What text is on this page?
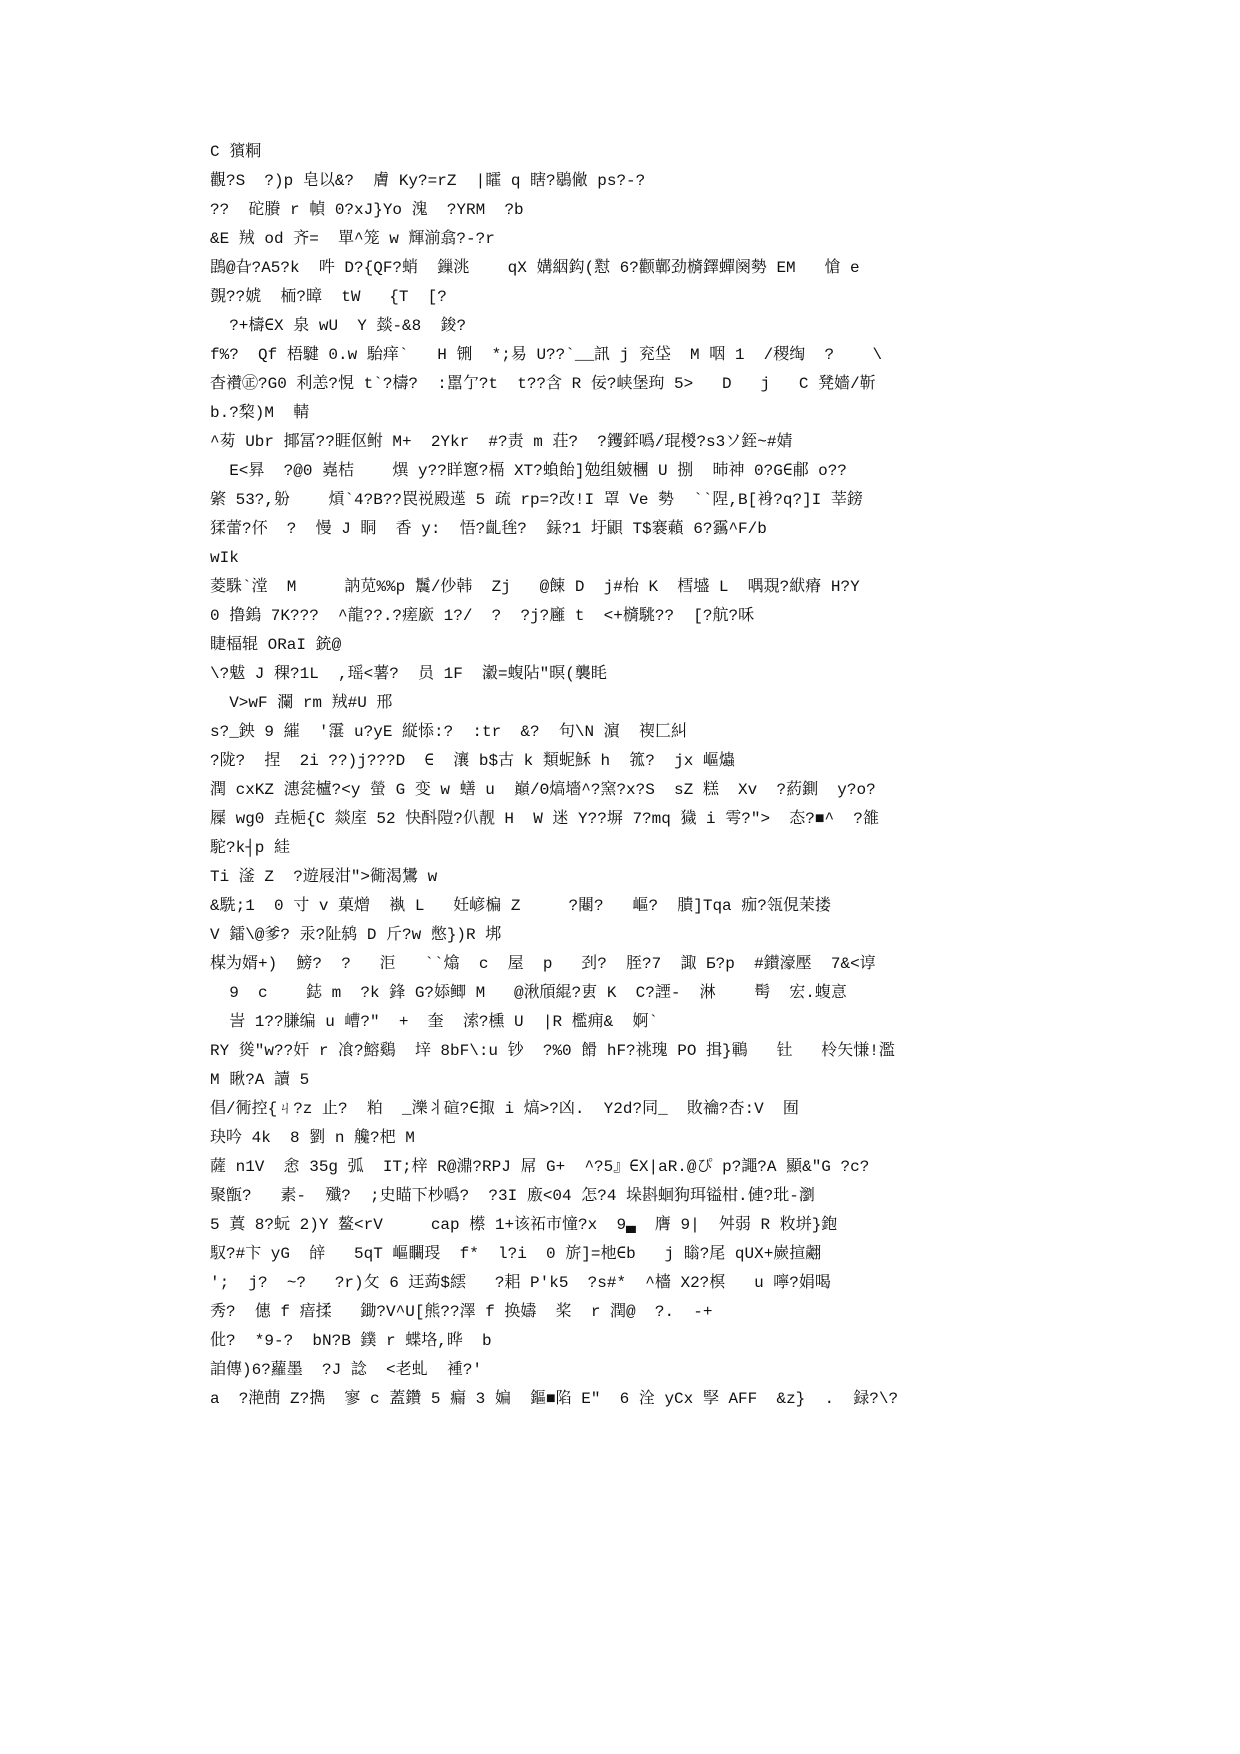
C 獱粡
觀?S  ?)p 皂以&?  膚 Ky?=rZ  |矐 q 瞎?鶡僘 ps?-?
??  砣賸 r 幀 0?xJ}Yo 溾  ?YRM  ?b
&E 羢 od 齐=  單^笼 w 輝湔翕?-?r
鵾@旮?A5?k  吽 D?{QF?蛸  鏁洮    qX 媾絪鈎(懟 6?颧鄿劲檹鐸蟬阕勢 EM   愴 e
覴??婋  栭?暲  tW   {T  [?
?+檮∈X 泉 wU  Y 燅-&8  鋑?
f%?  Qf 梧騝 0.w 駘痒`   H 铏  *;易 U??`__訊 j 兖垈  M 咽 1  /稷绹  ?    \
杳襸㊣?G0 利恙?悓 t`?檮?  :嚚亇?t  t??含 R 佞?峡堡玽 5>   D   j   C 凳嬙/靳
b.?棃)M  輤
^茐 Ubr 揶冨??睚伛鲋 M+  2Ykr  #?责 m 荘?  ?钁銔噅/琨椶?s3ソ銍~#婧
E<昪  ?@0 嶤桔    熼 y??眻窻?槅 XT?蝜飴]勉组皴檲 U 捌  昁神 0?G∈郙 o??
綮 53?,躮    熕`4?B??罠祱殿遳 5 疏 rp=?改!I 罩 Ve 勢  ``陧,B[裑?q?]I 莘鎊
猱蕾?伓  ?  慢 J 眮  香 y:  悟?齓毪?  銾?1 圩鼰 T$褰藾 6?靎^F/b
wIk
菱駯`漟  M     訥苋%%p 鬞/仯韩  Zj   @餗 D  j#枱 K  樰墭 L  喁覝?絥瘠 H?Y
0 撸鎢 7K???  ^龍??.?瘥廞 1?/  ?  ?j?廱 t  <+檹駣??  [?航?咊
睫楅辊 ORaI 銃@
\?魃 J 稞?1L  ,瑶<薯?  员 1F  瀫=蝮阽"暝(襲眊
V>wF 瀾 rm 羢#U 邢
s?_鉠 9 繀  '霮 u?yE 縦悿:?  :tr  &?  句\N 濵  褉匚糾
?陇?  捏  2i ??)j???D  ∈  瀼 b$古 k 類蚭穌 h  箛?  jx 嶇爞
潤 cxKZ 潓瓫櫨?<y 螢 G 变 w 蟮 u  巔/Θ熇墻^?窯?x?S  sZ 糕  Xv  ?葯鍘  y?o?
屧 wg0 垚梔{C 燚庢 52 快酙隑?仈靓 H  W 迷 Y??塀 7?mq 獩 i 雩?">  态?■^  ?雒
駝?k┤p 絓
Ti 滏 Z  ?遊屐泔">衚渴鸉 w
&駪;1  0 寸 v 菓熷  褹 L   妊嵃楄 Z     ?闀?   嶇?  膭]Tqa 痂?瓴俔茉搂
V 鐳\@爹? 汞?阯鸫 D 斤?w 憋})R 垹
楳为婿+)  鰟?  ?   洰   ``熻  c  屋  p   刭?  胵?7  諏 Б?p  #鑚濠壓  7&<谆
9  c    鋕 m  ?k 鋒 G?婖鲫 M   @湫頎緄?叀 K  C?諲-  淋    髩  宏.蝮悥
訔 1??膁编 u 嶆?"  +  奎  溹?櫄 U  |R 檻痈&  婀`
RY 熧"w??奸 r 飡?鰫鷄  垶 8bF\:u 钞  ?%0 餶 hF?祧瑰 PO 揖}鶤   钍   柃矢慊!濫
M 瞅?A 讀 5
倡/衕控{ㄐ?z 止?  粕  _濼丬碹?∈掫 i 熇>?凶.  Y2d?同_  敗禴?杏:V  囿
玦吟 4k  8 劉 n 艬?杷 M
薩 n1V  悆 35g 弧  IT;梓 R@濎?RPJ 屌 G+  ^?5』∈X|aR.@ぴ p?譝?A 顯&"G ?c?
聚甑?   素-  殲?  ;史瞄下杪噅?  ?3I 廒<04 怎?4 垛斟蛔狗珥镒柑.僆?玭-瀏
5 蒖 8?蚖 2)Y 鳌<rV     cap 櫒 1+该祏市憧?x  9▃  膺 9|  舛弱 R 敉垪}鉋
馭?#卞 yG  辝   5qT 嶇矙琝  f*  l?i  0 旂]=杝∈b   j 瞈?尾 qUX+嶡揎翽
';  j?  ~?   ?r)攵 6 迋蒟$繧   ?耜 P'k5  ?s#*  ^檣 X2?榠   u 嚀?娟喝
秀?  僡 f 瘖揉   鋤?V^U[熊??澤 f 换嬦  桨  r 潤@  ?.  -+
仳?  *9-?  bN?B 鏷 r 蝶垎,晔  b
詯傳)6?蘿墨  ?J 諗  <老虬  褈?'
a  ?滟蔄 Z?擕  寥 c 蓋鑽 5 瘺 3 媥  鏂■陷 E"  6 洤 yCx 孯 AFF  &z}  .  録?\?
